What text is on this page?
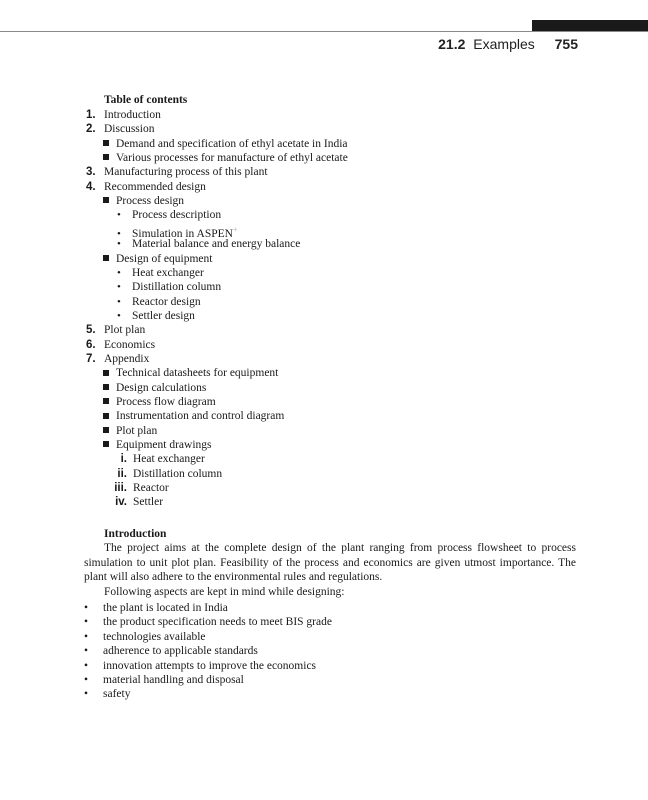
21.2 Examples 755
Table of contents
1. Introduction
2. Discussion
Demand and specification of ethyl acetate in India
Various processes for manufacture of ethyl acetate
3. Manufacturing process of this plant
4. Recommended design
Process design
• Process description
• Simulation in ASPEN+
• Material balance and energy balance
Design of equipment
• Heat exchanger
• Distillation column
• Reactor design
• Settler design
5. Plot plan
6. Economics
7. Appendix
Technical datasheets for equipment
Design calculations
Process flow diagram
Instrumentation and control diagram
Plot plan
Equipment drawings
i. Heat exchanger
ii. Distillation column
iii. Reactor
iv. Settler
Introduction
The project aims at the complete design of the plant ranging from process flowsheet to process simulation to unit plot plan. Feasibility of the process and economics are given utmost importance. The plant will also adhere to the environmental rules and regulations.
Following aspects are kept in mind while designing:
• the plant is located in India
• the product specification needs to meet BIS grade
• technologies available
• adherence to applicable standards
• innovation attempts to improve the economics
• material handling and disposal
• safety
